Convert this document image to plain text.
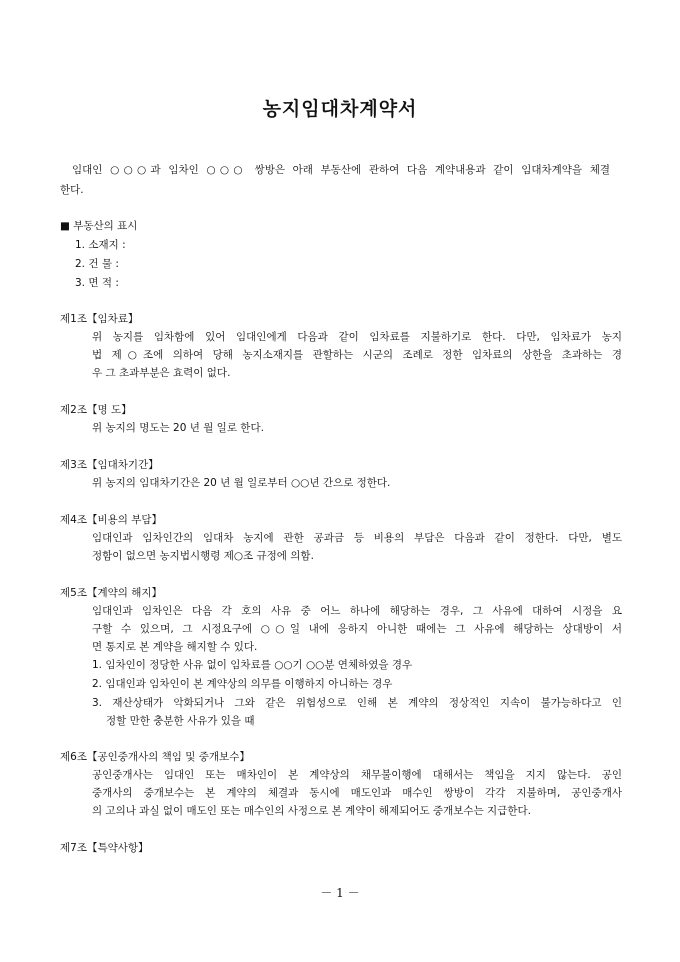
농지임대차계약서
임대인 ○○○과 임차인 ○○○ 쌍방은 아래 부동산에 관하여 다음 계약내용과 같이 임대차계약을 체결
한다.
■ 부동산의 표시
1. 소재지 :
2. 건 물 :
3. 면 적 :
제1조【임차료】
위 농지를 임차함에 있어 임대인에게 다음과 같이 임차료를 지불하기로 한다. 다만, 임차료가 농지
법 제○조에 의하여 당해 농지소재지를 관할하는 시군의 조례로 정한 임차료의 상한을 초과하는 경
우 그 초과부분은 효력이 없다.
제2조【명 도】
위 농지의 명도는 20 년 월 일로 한다.
제3조【임대차기간】
위 농지의 임대차기간은 20 년 월 일로부터 ○○년 간으로 정한다.
제4조【비용의 부담】
임대인과 임차인간의 임대차 농지에 관한 공과금 등 비용의 부담은 다음과 같이 정한다. 다만, 별도
정함이 없으면 농지법시행령 제○조 규정에 의함.
제5조【계약의 해지】
임대인과 임차인은 다음 각 호의 사유 중 어느 하나에 해당하는 경우, 그 사유에 대하여 시정을 요
구할 수 있으며, 그 시정요구에 ○○일 내에 응하지 아니한 때에는 그 사유에 해당하는 상대방이 서
면 통지로 본 계약을 해지할 수 있다.
1. 임차인이 정당한 사유 없이 임차료를 ○○기 ○○분 연체하였을 경우
2. 임대인과 임차인이 본 계약상의 의무를 이행하지 아니하는 경우
3. 재산상태가 악화되거나 그와 같은 위험성으로 인해 본 계약의 정상적인 지속이 불가능하다고 인
정할 만한 충분한 사유가 있을 때
제6조【공인중개사의 책임 및 중개보수】
공인중개사는 임대인 또는 매차인이 본 계약상의 채무불이행에 대해서는 책임을 지지 않는다. 공인
중개사의 중개보수는 본 계약의 체결과 동시에 매도인과 매수인 쌍방이 각각 지불하며, 공인중개사
의 고의나 과실 없이 매도인 또는 매수인의 사정으로 본 계약이 해제되어도 중개보수는 지급한다.
제7조【특약사항】
－ 1 －
